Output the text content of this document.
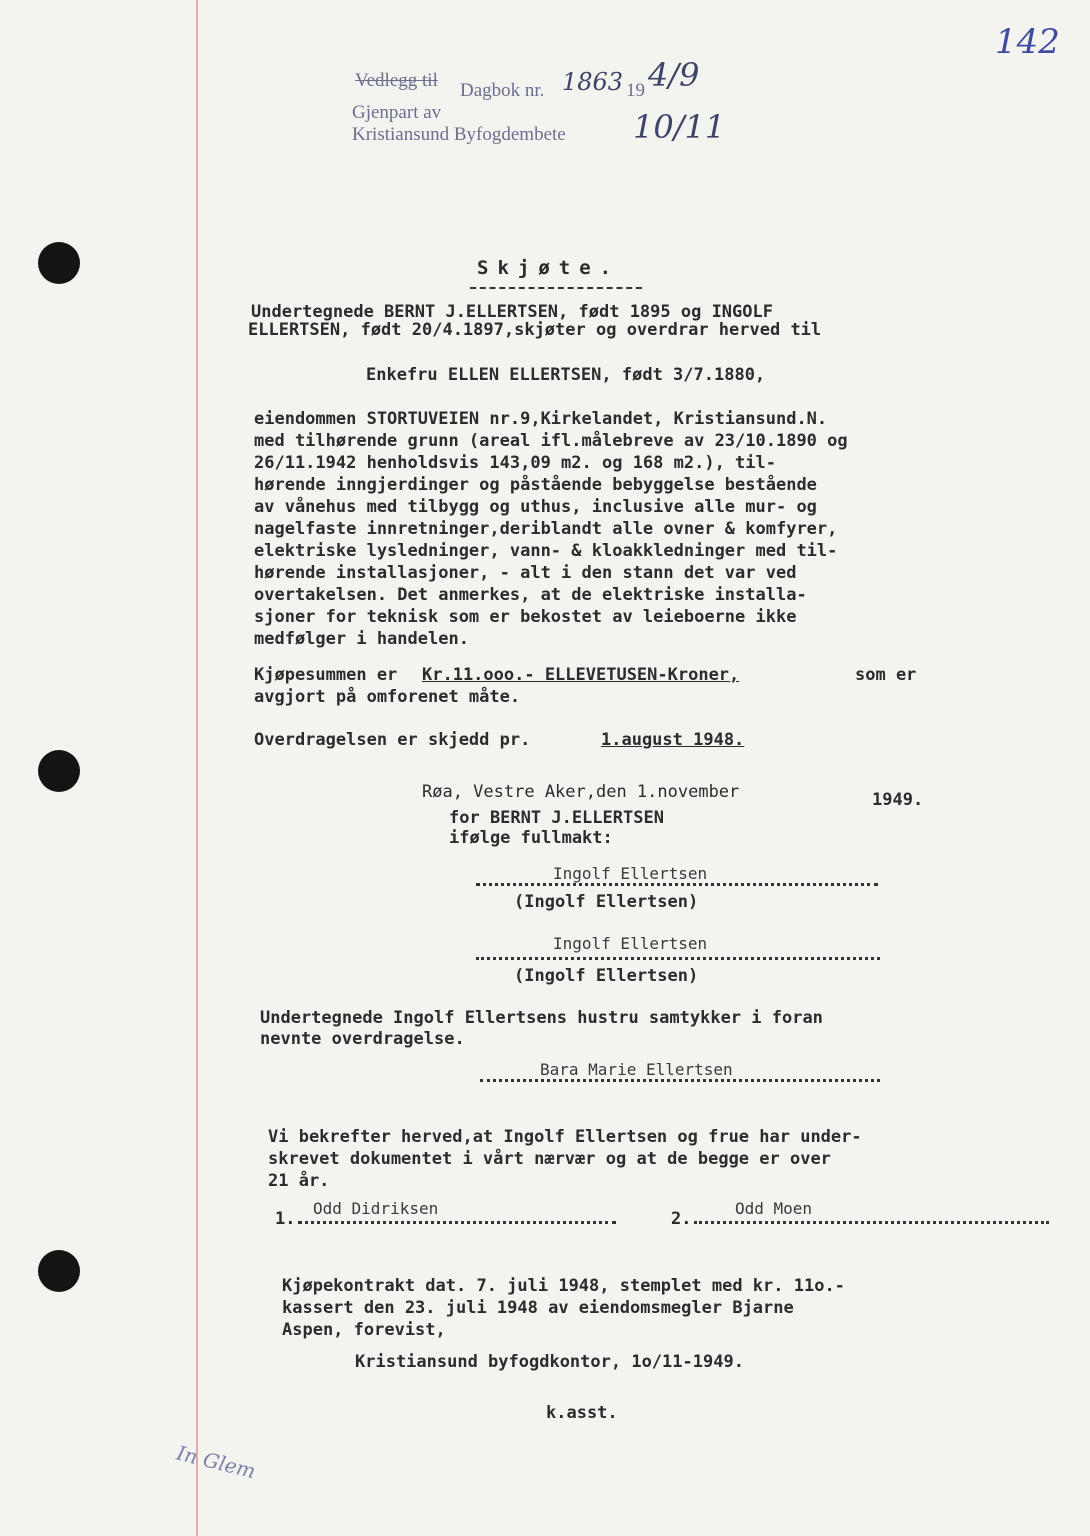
142
Vedlegg til Dagbok nr. 1863 19 4/9
Gjenpart av
Kristiansund Byfogdembete 10/11
Skjøte.
Undertegnede BERNT J.ELLERTSEN, født 1895 og INGOLF
ELLERTSEN, født 20/4.1897,skjøter og overdrar herved til
Enkefru ELLEN ELLERTSEN, født 3/7.1880,
eiendommen STORTUVEIEN nr.9,Kirkelandet, Kristiansund.N.
med tilhørende grunn (areal ifl.målebreve av 23/10.1890 og
26/11.1942 henholdsvis 143,09 m2. og 168 m2.), til-
hørende inngjerdinger og påstående bebyggelse bestående
av vånehus med tilbygg og uthus, inclusive alle mur- og
nagelfaste innretninger,deriblandt alle ovner & komfyrer,
elektriske lysledninger, vann- & kloakkledninger med til-
hørende installasjoner, - alt i den stann det var ved
overtakelsen. Det anmerkes, at de elektriske installa-
sjoner for teknisk som er bekostet av leieboerne ikke
medfølger i handelen.
Kjøpesummen er Kr.11.ooo.- ELLEVETUSEN-Kroner,	som er
avgjort på omforenet måte.
Overdragelsen er skjedd pr.	1.august 1948.
Røa, Vestre Aker,den 1.november	1949.
for BERNT J.ELLERTSEN
ifølge fullmakt:
Ingolf Ellertsen
(Ingolf Ellertsen)
Ingolf Ellertsen
(Ingolf Ellertsen)
Undertegnede Ingolf Ellertsens hustru samtykker i foran
nevnte overdragelse.
Bara Marie Ellertsen
Vi bekrefter herved,at Ingolf Ellertsen og frue har under-
skrevet dokumentet i vårt nærvær og at de begge er over
21 år.
1.
Odd Didriksen
2.
Odd Moen
Kjøpekontrakt dat. 7. juli 1948, stemplet med kr. 11o.-
kassert den 23. juli 1948 av eiendomsmegler Bjarne
Aspen, forevist,
Kristiansund byfogdkontor, 1o/11-1949.
k.asst.
In Glem
